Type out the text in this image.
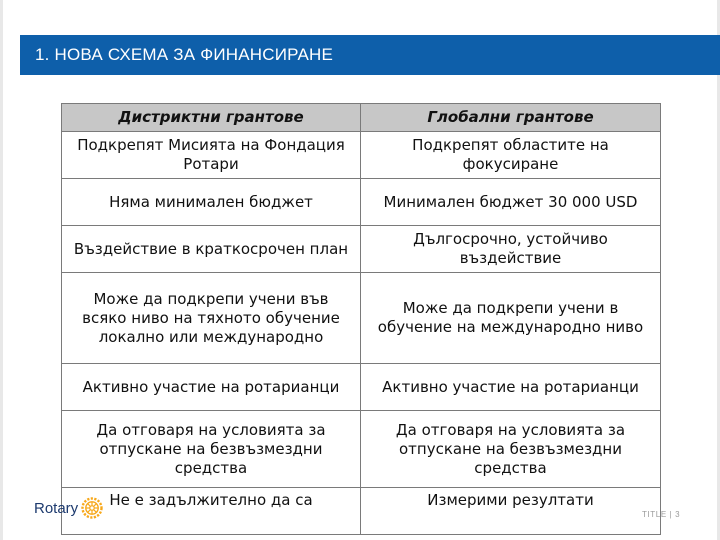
1. НОВА СХЕМА ЗА ФИНАНСИРАНЕ
Дистриктни грантове	Глобални грантове
Подкрепят Мисията на Фондация Ротари	Подкрепят областите на фокусиране
Няма минимален бюджет	Минимален бюджет 30 000 USD
Въздействие в краткосрочен план	Дългосрочно, устойчиво въздействие
Може да подкрепи учени във всяко ниво на тяхното обучение локално или международно	Може да подкрепи учени в обучение на международно ниво
Активно участие на ротарианци	Активно участие на ротарианци
Да отговаря на условията за отпускане на безвъзмездни средства	Да отговаря на условията за отпускане на безвъзмездни средства
Не е задължително да са	Измерими резултати
Rotary	TITLE | 3
